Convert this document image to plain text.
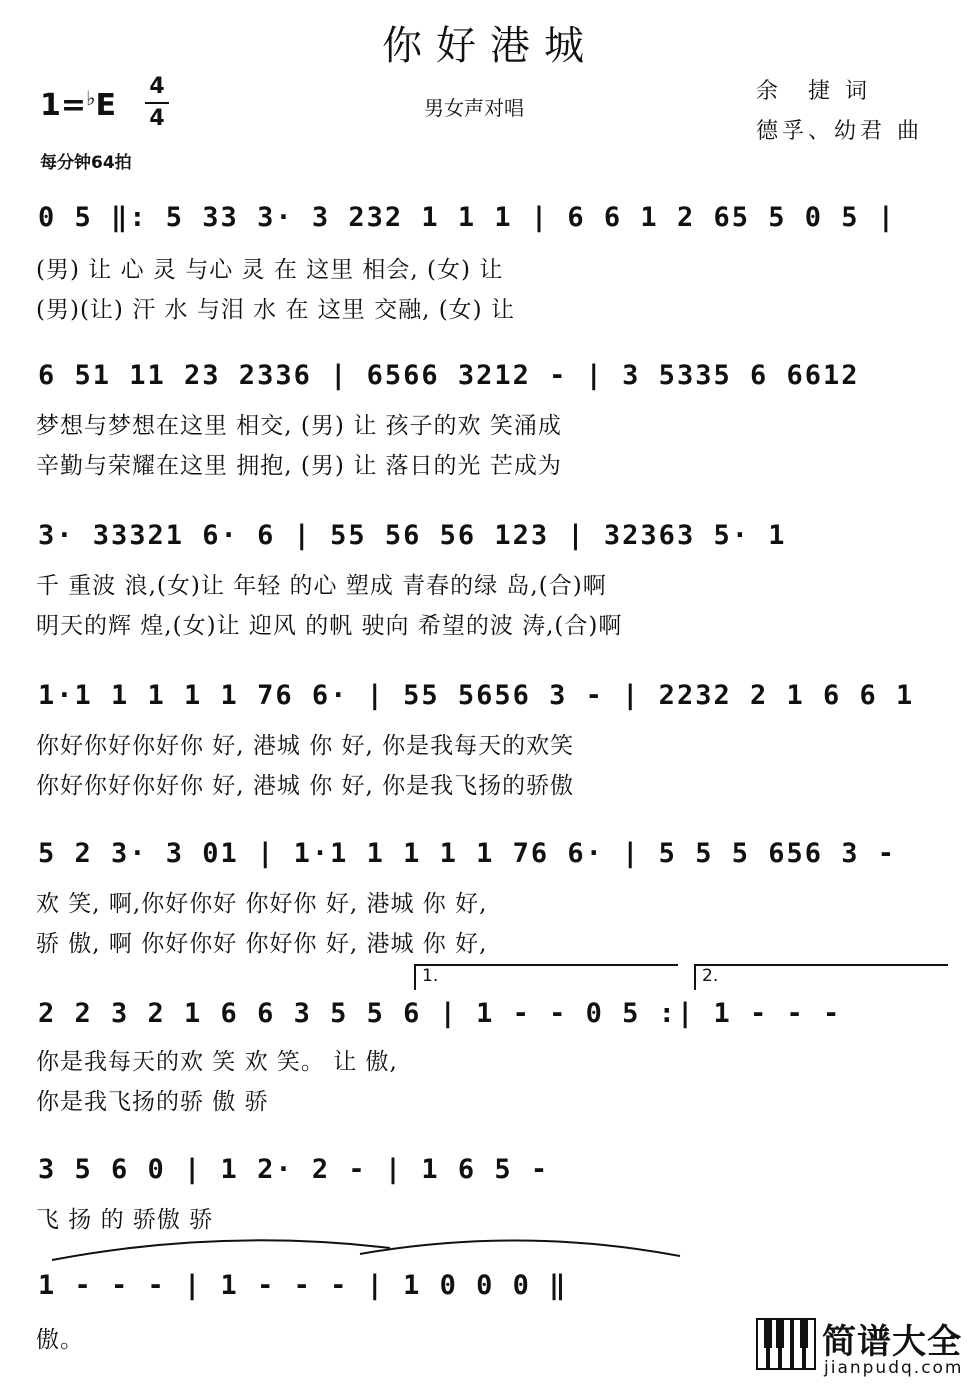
你好港城
1=♭E
4
4	男女声对唱
余　捷 词
德孚、幼君 曲
每分钟64拍
0 5 ‖: 5 33 3· 3 232 1 1 1 | 6 6 1 2 65 5 0 5 |
(男) 让 心 灵 与心 灵 在 这里 相会, (女) 让
(男)(让) 汗 水 与泪 水 在 这里 交融, (女) 让
6 51 11 23 2336 | 6566 3212 - | 3 5335 6 6612
梦想与梦想在这里 相交, (男) 让 孩子的欢 笑涌成
辛勤与荣耀在这里 拥抱, (男) 让 落日的光 芒成为
3· 33321 6· 6 | 55 56 56 123 | 32363 5· 1
千 重波 浪,(女)让 年轻 的心 塑成 青春的绿 岛,(合)啊
明天的辉 煌,(女)让 迎风 的帆 驶向 希望的波 涛,(合)啊
1·1 1 1 1 1 76 6· | 55 5656 3 - | 2232 2 1 6 6 1
你好你好你好你 好, 港城 你 好, 你是我每天的欢笑
你好你好你好你 好, 港城 你 好, 你是我飞扬的骄傲
5 2 3· 3 01 | 1·1 1 1 1 1 76 6· | 5 5 5 656 3 -
欢 笑, 啊,你好你好 你好你 好, 港城 你 好,
骄 傲, 啊 你好你好 你好你 好, 港城 你 好,
1.	2.
2 2 3 2 1 6 6 3 5 5 6 | 1 - - 0 5 :| 1 - - -
你是我每天的欢 笑 欢 笑。 让 傲,
你是我飞扬的骄 傲 骄
3 5 6 0 | 1 2· 2 - | 1 6 5 -
飞 扬 的 骄傲 骄
1 - - - | 1 - - - | 1 0 0 0 ‖
傲。	简谱大全
jianpudq.com
